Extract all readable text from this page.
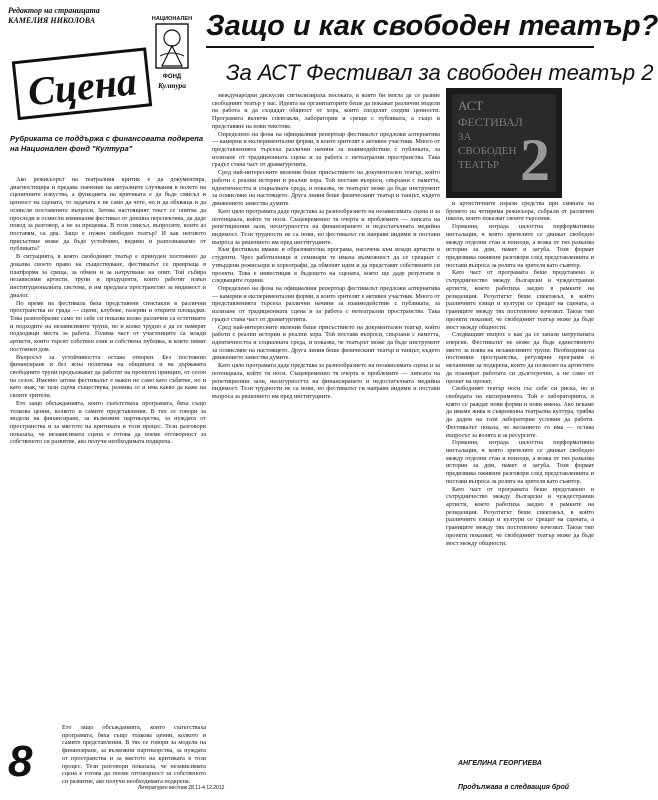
Редактор на страницата
КАМЕЛИЯ НИКОЛОВА
Сцена
НАЦИОНАЛЕН
ФОНД
Култура
Защо и как свободен театър?
За АСТ Фестивал за свободен театър 2
Рубриката се поддържа с финансовата подкрепа на Национален фонд "Култура"

Ако режисьорът на театралния критик е да документира, диагностицира и предава значение на актуалните случвания в полето на сценичните изкуства, а функцията на критиката е да бъде смисъл и ценност на сцената, то задачата е не само да чете, но и да обхваща и да осмисля поставените въпроси. Затова настоящият текст се опитва да проследи и осмисли изминалия фестивал от днешна перспектива, да даде повод за разговор, а не за преценка. В този смисъл, въпросите, които аз поставям, са два. Защо е нужен свободен театър? И как неговото присъствие може да бъде устойчиво, видимо и разпознаваемо от публиката?

В ситуацията, в която свободният театър е принуден постоянно да доказва своето право на съществуване, фестивалът се превръща в платформа за среща, за обмен и за натрупване на опит. Той събира независими артисти, трупи и продуценти, които работят извън институционалната система, и им предлага пространство за видимост и диалог.

По време на фестивала бяха представени спектакли в различни пространства из града — сцени, клубове, галерии и открити площадки. Това разнообразие само по себе си показва колко различни са естетиките и подходите на независимите трупи, но и колко трудно е да се намерят подходящи места за работа. Голяма част от участниците са млади артисти, които търсят собствен език и собствена публика, и които нямат постоянен дом.

Въпросът за устойчивостта остава отворен. Без постоянно финансиране и без ясна политика на общината и на държавата свободните трупи продължават да работят на проектен принцип, от сезон на сезон. Именно затова фестивалът е важен не само като събитие, но и като знак, че тази сцена съществува, развива се и има какво да каже на своите зрители.

Ето защо обсъжданията, които съпътстваха програмата, бяха също толкова ценни, колкото и самите представления. В тях се говори за модели на финансиране, за възможни партньорства, за нуждата от пространства и за мястото на критиката в този процес. Тези разговори показаха, че независимата сцена е готова да поеме отговорност за собственото си развитие, ако получи необходимата подкрепа.

Ето защо обсъжданията, които съпътстваха програмата, бяха също толкова ценни, колкото и самите представления. В тях се говори за модели на финансиране, за възможни партньорства, за нуждата от пространства и за мястото на критиката в този процес. Тези разговори показаха, че независимата сцена е готова да поеме отговорност за собственото си развитие, ако получи необходимата подкрепа.

международни дискусии сигнализираха посоката, в която би могла да се развие свободният театър у нас. Идеята на организаторите беше да покажат различни модели на работа и да създадат общност от хора, които споделят сходни ценности. Програмата включи спектакли, лаборатории и срещи с публиката, а също и представяне на нови текстове.

Определено на фона на официалния репертоар фестивалът предложи алтернатива — камерни и експериментални форми, в които зрителят е активен участник. Много от представленията търсеха различни начини за взаимодействие с публиката, за излизане от традиционната сцена и за работа с нетеатрални пространства. Така градът стана част от драматургията.

Сред най-интересните явления беше присъствието на документален театър, който работи с реални истории и реални хора. Той поставя въпроси, свързани с паметта, идентичността и социалната среда, и показва, че театърът може да бъде инструмент за осмисляне на настоящето. Друга линия беше физическият театър и танцът, където движението замества думите.

Като цяло програмата даде представа за разнообразието на независимата сцена и за потенциала, който тя носи. Същевременно тя очерта и проблемите — липсата на репетиционни зали, несигурността на финансирането и недостатъчната медийна видимост. Тези трудности не са нови, но фестивалът ги направи видими и постави въпроса за решението им пред институциите.

Към фестивала имаше и образователна програма, насочена към млади артисти и студенти. Чрез работилници и семинари те имаха възможност да се срещнат с утвърдени режисьори и хореографи, да обменят идеи и да представят собствените си проекти. Това е инвестиция в бъдещето на сцената, която ще даде резултати в следващите години.

Определено на фона на официалния репертоар фестивалът предложи алтернатива — камерни и експериментални форми, в които зрителят е активен участник. Много от представленията търсеха различни начини за взаимодействие с публиката, за излизане от традиционната сцена и за работа с нетеатрални пространства. Така градът стана част от драматургията.

Сред най-интересните явления беше присъствието на документален театър, който работи с реални истории и реални хора. Той поставя въпроси, свързани с паметта, идентичността и социалната среда, и показва, че театърът може да бъде инструмент за осмисляне на настоящето. Друга линия беше физическият театър и танцът, където движението замества думите.

Като цяло програмата даде представа за разнообразието на независимата сцена и за потенциала, който тя носи. Същевременно тя очерта и проблемите — липсата на репетиционни зали, несигурността на финансирането и недостатъчната медийна видимост. Тези трудности не са нови, но фестивалът ги направи видими и постави въпроса за решението им пред институциите.

АСТ
ФЕСТИВАЛ
ЗА
СВОБОДЕН
ТЕАТЪР 2

и артистичните изрази средства при смяната на бремето на четирима режисьора, събрали от различни школи, които показват своите търсения.

Германия, изграда цялостна перформативна инсталация, в която зрителите се движат свободно между отделни стаи и епизоди, а всяка от тях разказва история за дом, памет и загуба. Този формат предизвика оживени разговори след представленията и постави въпроса за ролята на зрителя като съавтор.

Като част от програмата беше представено и сътрудничество между български и чуждестранни артисти, които работиха заедно в рамките на резиденция. Резултатът беше спектакъл, в който различните езици и култури се срещат на сцената, а границите между тях постепенно изчезват. Такъв тип проекти показват, че свободният театър може да бъде мост между общности.

Следващият въпрос е как да се запази натрупаната енергия. Фестивалът не може да бъде единственото място за изява на независимите трупи. Необходими са постоянни пространства, регулярни програми и механизми за подкрепа, които да позволят на артистите да планират работата си дългосрочно, а не само от проект на проект.

Свободният театър носи със себе си риска, но и свободата на експеримента. Той е лабораторията, в която се раждат нови форми и нови имена. Ако искаме да имаме жива и съвременна театрална култура, трябва да дадем на тази лаборатория условия да работи. Фестивалът показа, че желанието го има — остава въпросът за волята и за ресурсите.

Германия, изграда цялостна перформативна инсталация, в която зрителите се движат свободно между отделни стаи и епизоди, а всяка от тях разказва история за дом, памет и загуба. Този формат предизвика оживени разговори след представленията и постави въпроса за ролята на зрителя като съавтор.

Като част от програмата беше представено и сътрудничество между български и чуждестранни артисти, които работиха заедно в рамките на резиденция. Резултатът беше спектакъл, в който различните езици и култури се срещат на сцената, а границите между тях постепенно изчезват. Такъв тип проекти показват, че свободният театър може да бъде мост между общности.

АНГЕЛИНА ГЕОРГИЕВА
Продължава в следващия брой
8
Литературен вестник 28.11-4.12.2012
